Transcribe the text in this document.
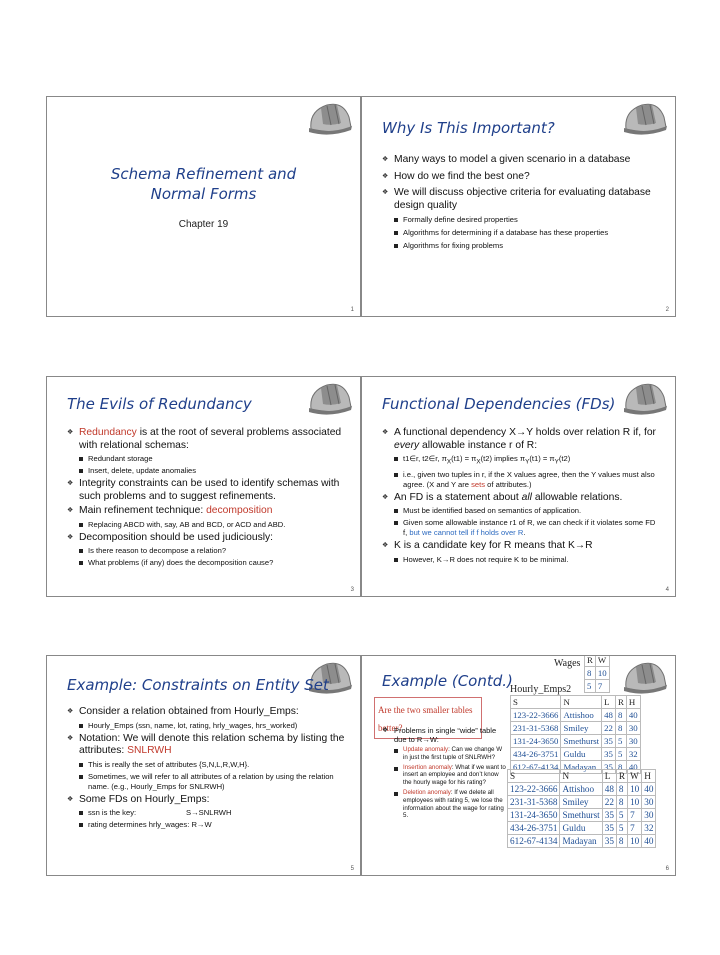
Schema Refinement and
Normal Forms
Chapter 19
1
Why Is This Important?
❖ Many ways to model a given scenario in a database
❖ How do we find the best one?
❖ We will discuss objective criteria for evaluating database design quality
Formally define desired properties
Algorithms for determining if a database has these properties
Algorithms for fixing problems
2
The Evils of Redundancy
❖ Redundancy is at the root of several problems associated with relational schemas:
Redundant storage
Insert, delete, update anomalies
❖ Integrity constraints can be used to identify schemas with such problems and to suggest refinements.
❖ Main refinement technique: decomposition
Replacing ABCD with, say, AB and BCD, or ACD and ABD.
❖ Decomposition should be used judiciously:
Is there reason to decompose a relation?
What problems (if any) does the decomposition cause?
3
Functional Dependencies (FDs)
❖ A functional dependency X→Y holds over relation R if, for every allowable instance r of R:
t1∈r, t2∈r, $\pi_X(t1) = \pi_X(t2)$ implies $\pi_Y(t1) = \pi_Y(t2)$
i.e., given two tuples in r, if the X values agree, then the Y values must also agree. (X and Y are sets of attributes.)
❖ An FD is a statement about all allowable relations.
Must be identified based on semantics of application.
Given some allowable instance r1 of R, we can check if it violates some FD f, but we cannot tell if f holds over R.
❖ K is a candidate key for R means that K→R
However, K→R does not require K to be minimal.
4
Example: Constraints on Entity Set
❖ Consider a relation obtained from Hourly_Emps:
Hourly_Emps (ssn, name, lot, rating, hrly_wages, hrs_worked)
❖ Notation: We will denote this relation schema by listing the attributes: SNLRWH
This is really the set of attributes {S,N,L,R,W,H}.
Sometimes, we will refer to all attributes of a relation by using the relation name. (e.g., Hourly_Emps for SNLRWH)
❖ Some FDs on Hourly_Emps:
ssn is the key:	S→SNLRWH
rating determines hrly_wages: R→W
5
Example (Contd.)
Wages R	W
8	10
5	7
Hourly_Emps2
S	N	L	R	H
123-22-3666	Attishoo	48	8	40
231-31-5368	Smiley	22	8	30
131-24-3650	Smethurst	35	5	30
434-26-3751	Guldu	35	5	32
612-67-4134	Madayan	35	8	40
Are the two smaller tables better?
❖ Problems in single “wide” table due to R→W:
Update anomaly: Can we change W in just the first tuple of SNLRWH?
Insertion anomaly: What if we want to insert an employee and don’t know the hourly wage for his rating?
Deletion anomaly: If we delete all employees with rating 5, we lose the information about the wage for rating 5.
S	N	L	R	W	H
123-22-3666	Attishoo	48	8	10	40
231-31-5368	Smiley	22	8	10	30
131-24-3650	Smethurst	35	5	7	30
434-26-3751	Guldu	35	5	7	32
612-67-4134	Madayan	35	8	10	40
6
